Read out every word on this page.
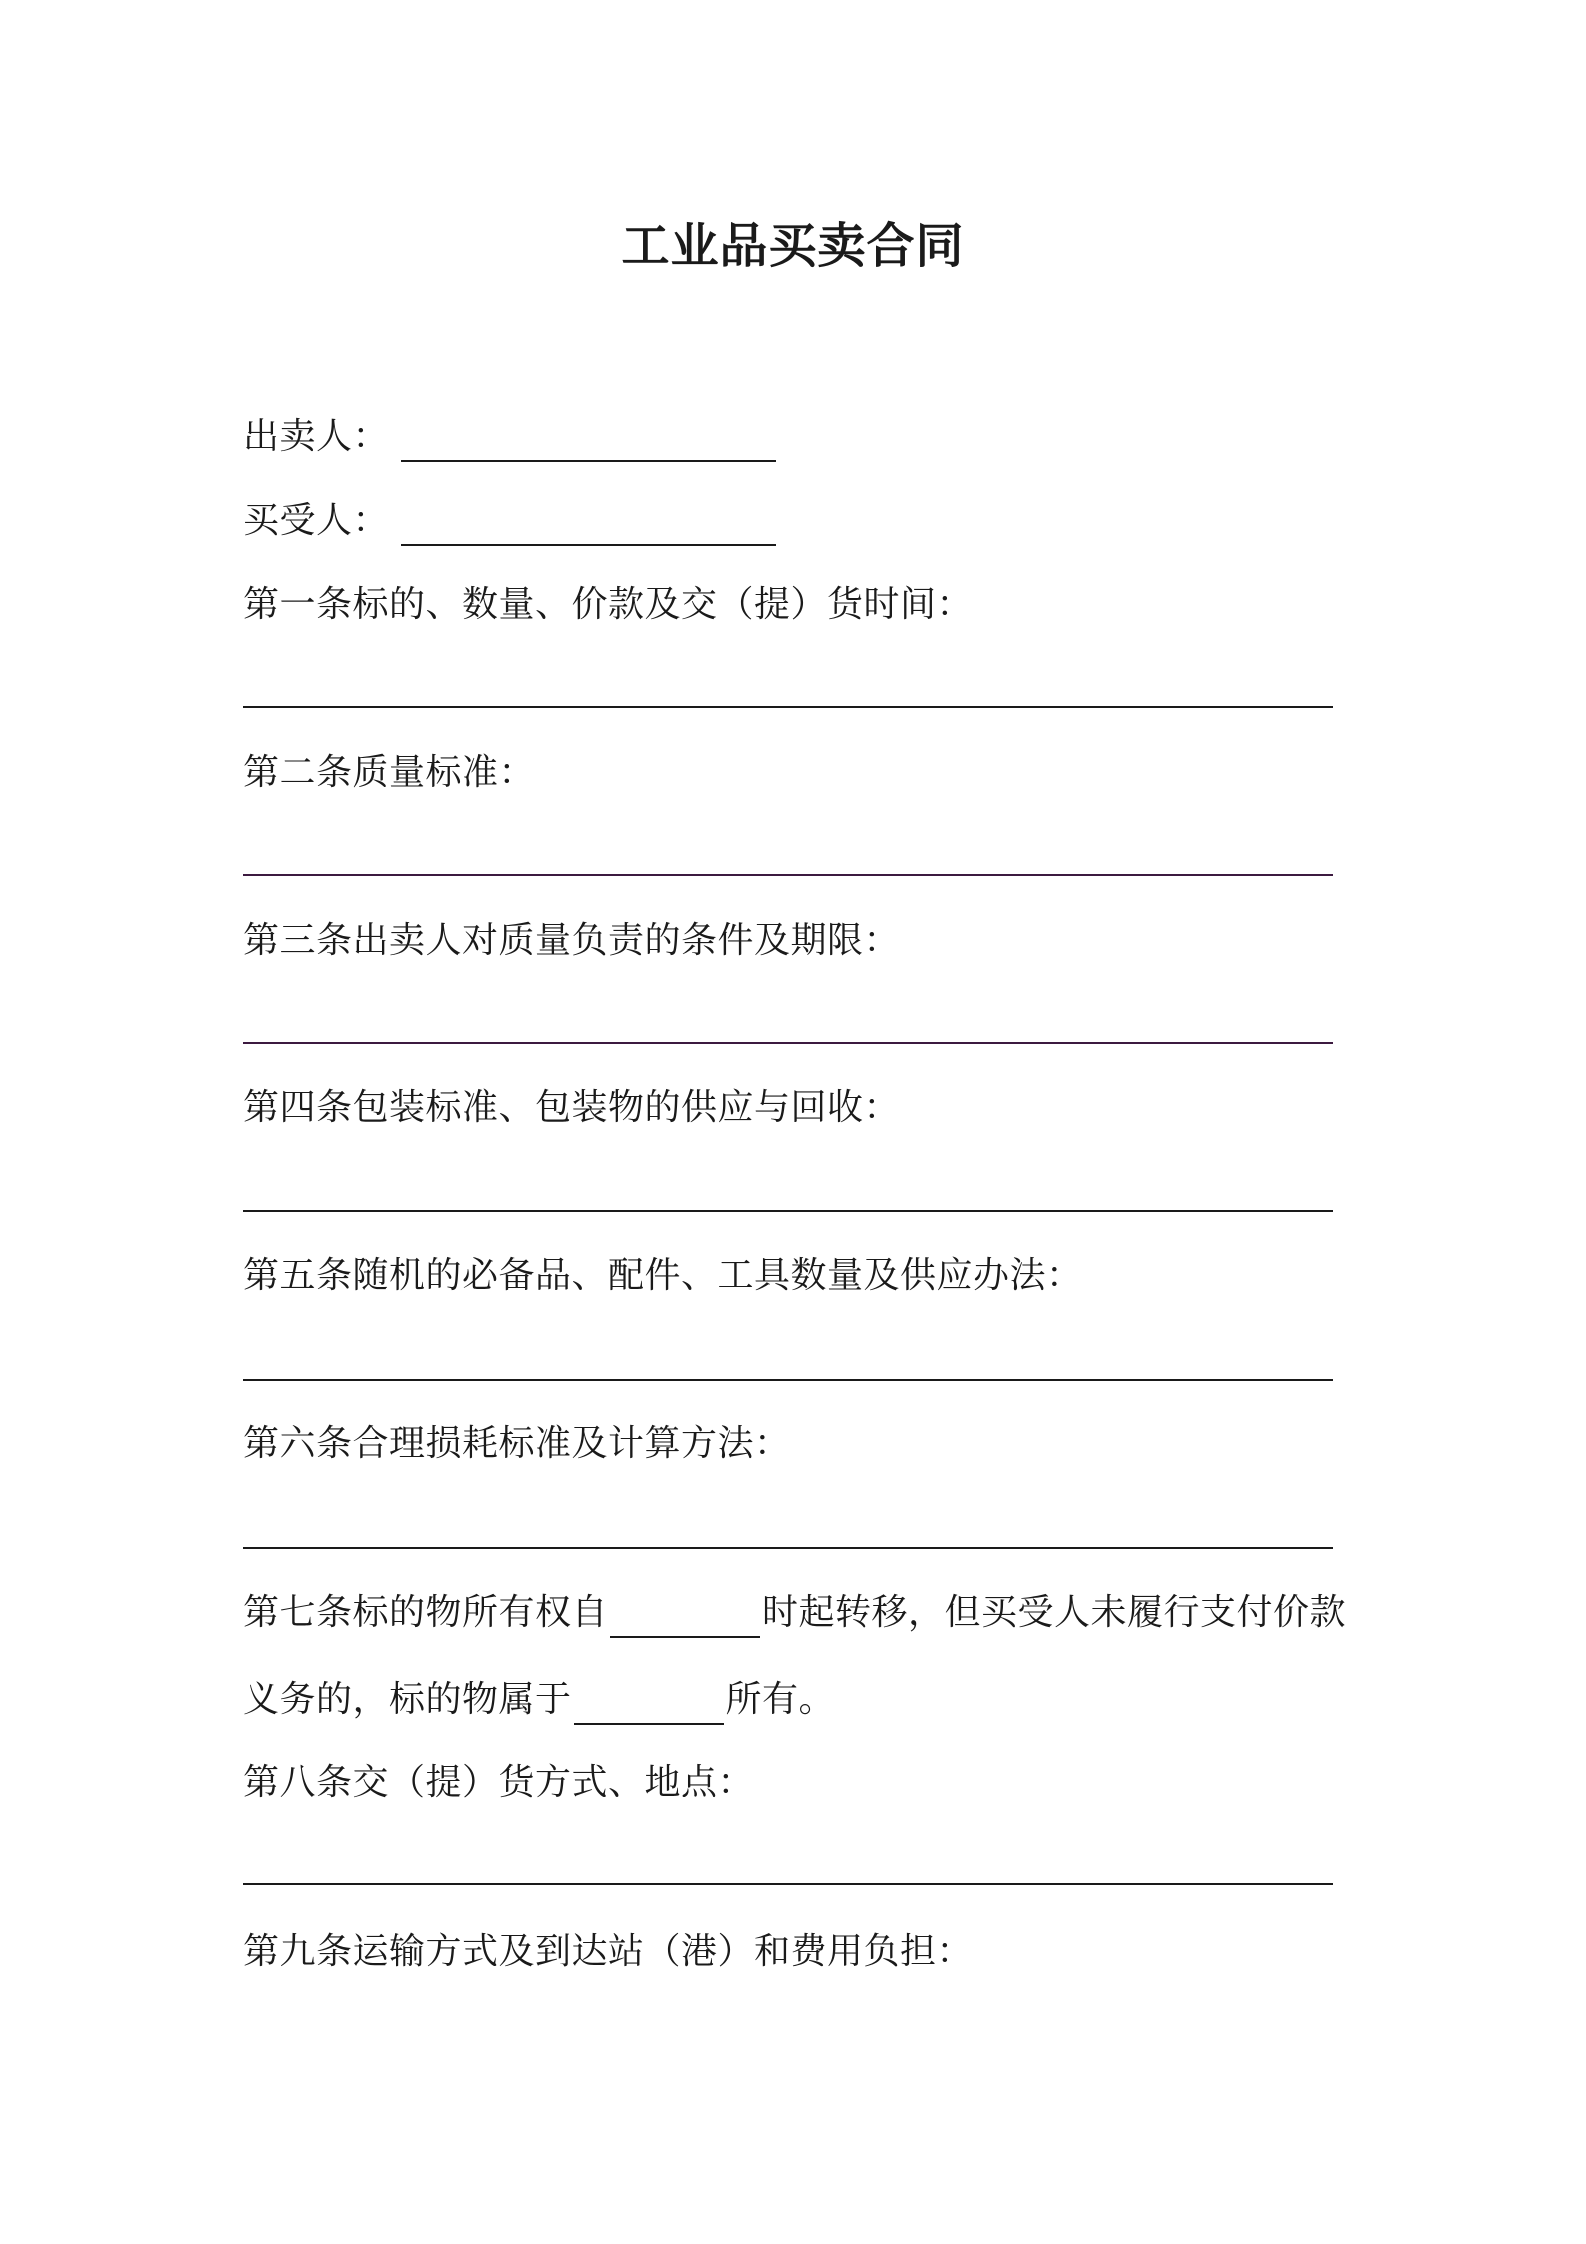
工业品买卖合同
出卖人：
买受人：
第一条标的、数量、价款及交（提）货时间：
第二条质量标准：
第三条出卖人对质量负责的条件及期限：
第四条包装标准、包装物的供应与回收：
第五条随机的必备品、配件、工具数量及供应办法：
第六条合理损耗标准及计算方法：
第七条标的物所有权自	时起转移，但买受人未履行支付价款
义务的，标的物属于	所有。
第八条交（提）货方式、地点：
第九条运输方式及到达站（港）和费用负担：
